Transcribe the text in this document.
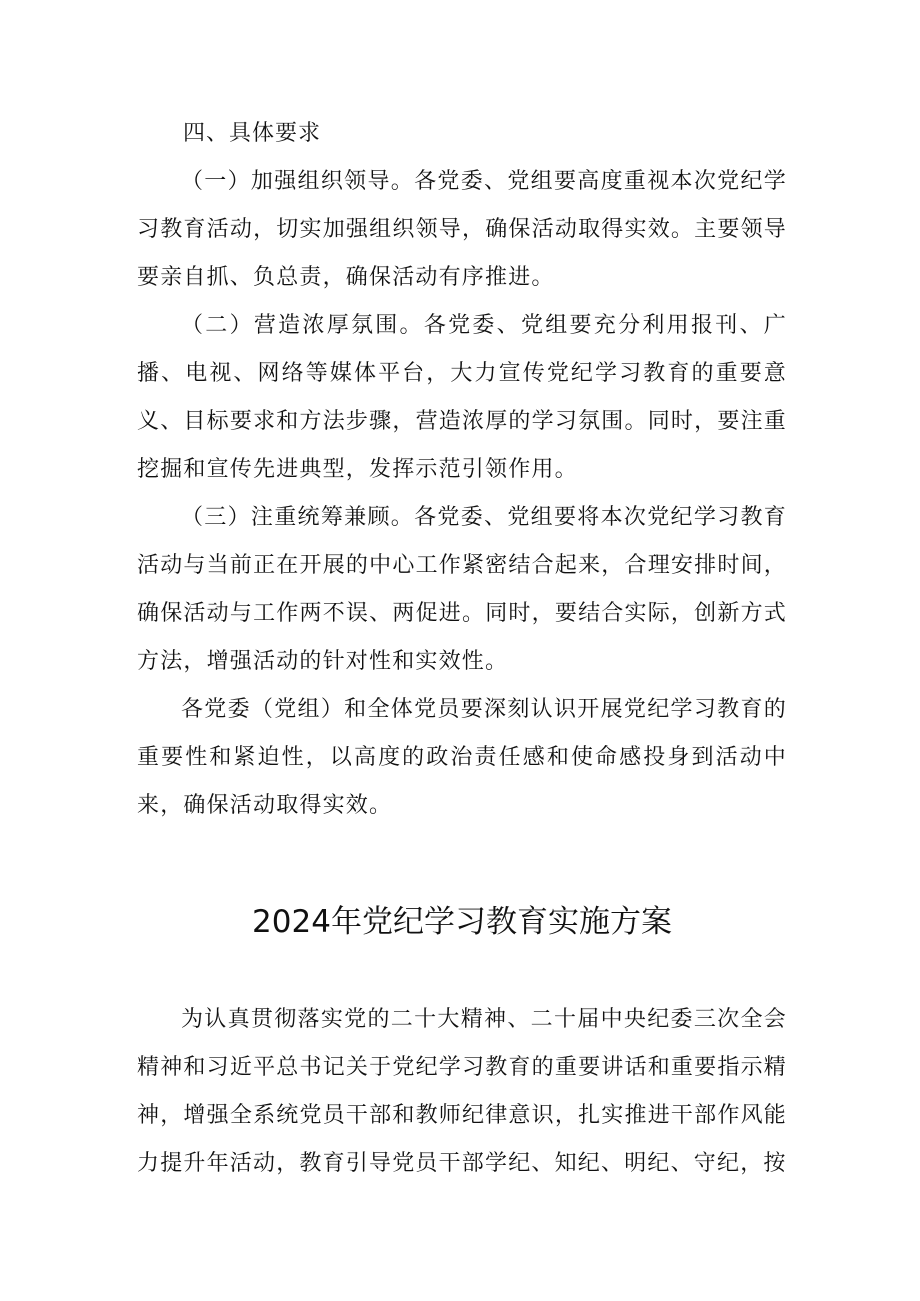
四、具体要求

（一）加强组织领导。各党委、党组要高度重视本次党纪学习教育活动，切实加强组织领导，确保活动取得实效。主要领导要亲自抓、负总责，确保活动有序推进。

（二）营造浓厚氛围。各党委、党组要充分利用报刊、广播、电视、网络等媒体平台，大力宣传党纪学习教育的重要意义、目标要求和方法步骤，营造浓厚的学习氛围。同时，要注重挖掘和宣传先进典型，发挥示范引领作用。

（三）注重统筹兼顾。各党委、党组要将本次党纪学习教育活动与当前正在开展的中心工作紧密结合起来，合理安排时间，确保活动与工作两不误、两促进。同时，要结合实际，创新方式方法，增强活动的针对性和实效性。

各党委（党组）和全体党员要深刻认识开展党纪学习教育的重要性和紧迫性，以高度的政治责任感和使命感投身到活动中来，确保活动取得实效。

2024年党纪学习教育实施方案

为认真贯彻落实党的二十大精神、二十届中央纪委三次全会精神和习近平总书记关于党纪学习教育的重要讲话和重要指示精神，增强全系统党员干部和教师纪律意识，扎实推进干部作风能力提升年活动，教育引导党员干部学纪、知纪、明纪、守纪，按
